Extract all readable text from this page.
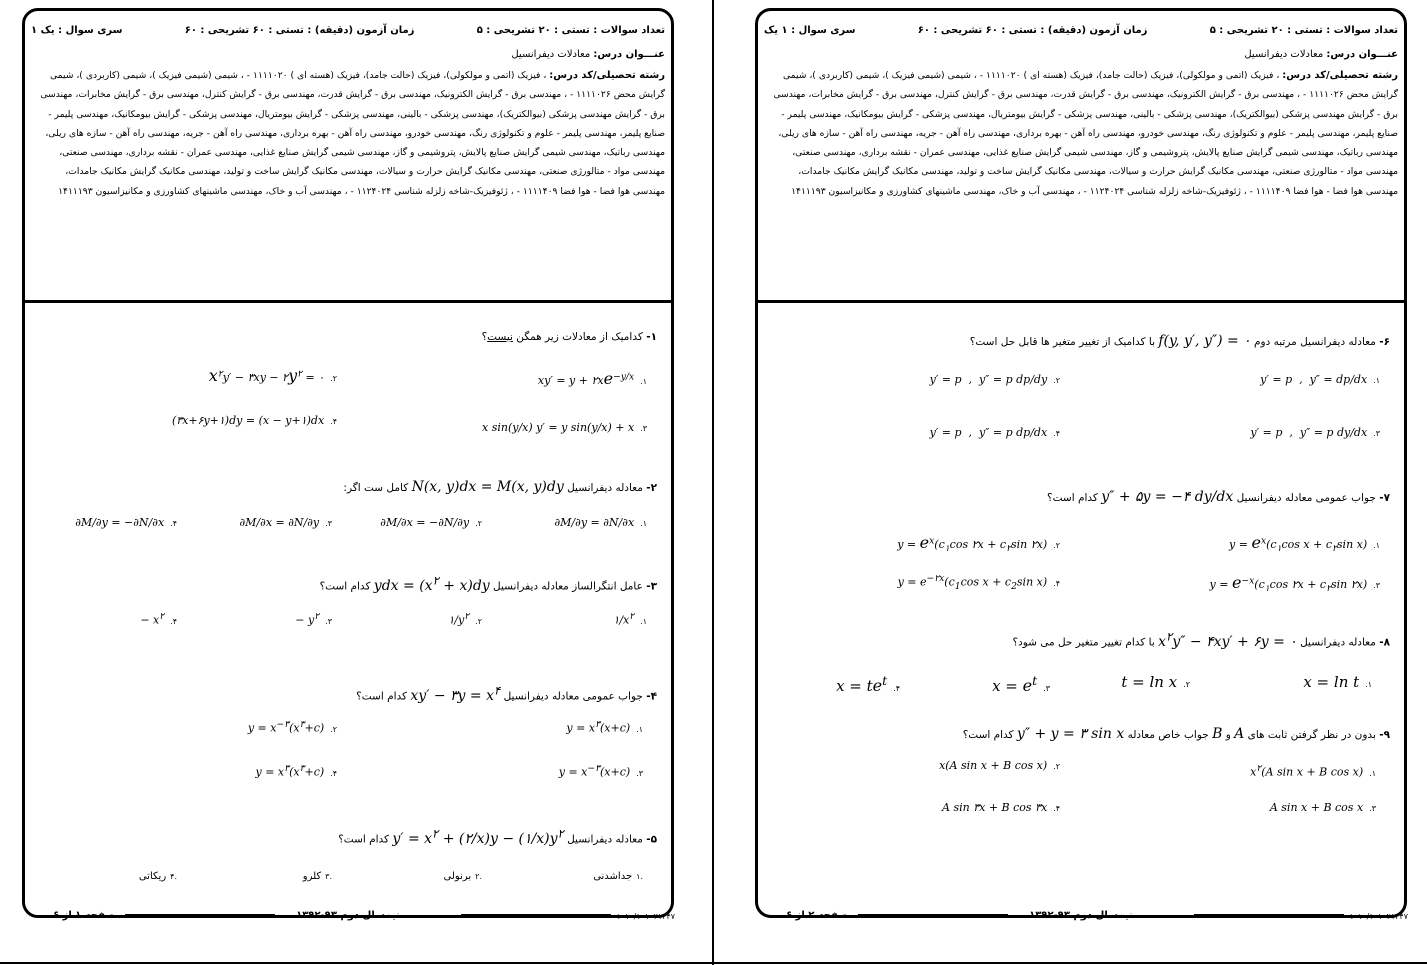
تعداد سوالات : تستی : ۲۰ تشریحی : ۵
زمان آزمون (دقیقه) : تستی : ۶۰ تشریحی : ۶۰
سری سوال : یک ۱
عنـــوان درس: معادلات دیفرانسیل
رشته تحصیلی/کد درس: ، فیزیک (اتمی و مولکولی)، فیزیک (حالت جامد)، فیزیک (هسته ای ) ۱۱۱۱۰۲۰ - ، شیمی (شیمی فیزیک )، شیمی (کاربردی )، شیمی گرایش محض ۱۱۱۱۰۲۶ - ، مهندسی برق - گرایش الکترونیک، مهندسی برق - گرایش قدرت، مهندسی برق - گرایش کنترل، مهندسی برق - گرایش مخابرات، مهندسی برق - گرایش مهندسی پزشکی (بیوالکتریک)، مهندسی پزشکی - بالینی، مهندسی پزشکی - گرایش بیومتریال، مهندسی پزشکی - گرایش بیومکانیک، مهندسی پلیمر - صنایع پلیمر، مهندسی پلیمر - علوم و تکنولوژی رنگ، مهندسی خودرو، مهندسی راه آهن - بهره برداری، مهندسی راه آهن - جریه، مهندسی راه آهن - سازه های ریلی، مهندسی رباتیک، مهندسی شیمی گرایش صنایع پالایش، پتروشیمی و گاز، مهندسی شیمی گرایش صنایع غذایی، مهندسی عمران - نقشه برداری، مهندسی صنعتی، مهندسی مواد - متالورژی صنعتی، مهندسی مکانیک گرایش حرارت و سیالات، مهندسی مکانیک گرایش ساخت و تولید، مهندسی مکانیک گرایش مکانیک جامدات، مهندسی هوا فضا - هوا فضا ۱۱۱۱۴۰۹ - ، ژئوفیزیک-شاخه زلزله شناسی ۱۱۲۴۰۲۴ - ، مهندسی آب و خاک، مهندسی ماشینهای کشاورزی و مکانیزاسیون ۱۴۱۱۱۹۳
۱- کدامیک از معادلات زیر همگن نیست؟
$xy' = y + ۲xe^{-y/x}$ .۱
$x^۲y'$ − ۳xy − $۲y^۲$ = ۰ .۲
x sin(y/x) y′ = y sin(y/x) + x .۳
(۳x+۶y+۱)dy = (x − y+۱)dx .۴
۲- معادله دیفرانسیل N(x, y)dx = M(x, y)dy کامل ست اگر:
∂M/∂y = ∂N/∂x .۱
∂M/∂x = −∂N/∂y .۲
∂M/∂x = ∂N/∂y .۳
∂M/∂y = −∂N/∂x .۴
۳- عامل انتگرالساز معادله دیفرانسیل ydx = $(x^۲ + x)dy$ کدام است؟
$۱/x^۲$ .۱
$۱/y^۲$ .۲
− $y^۲$ .۳
− $x^۲$ .۴
۴- جواب عمومی معادله دیفرانسیل xy′ − ۳y = $x^۴$ کدام است؟
$y = x^۳(x+c)$ .۱
$y = x^{-۳}(x^۳+c)$ .۲
$y = x^{-۳}(x+c)$ .۳
$y = x^۳(x^۳+c)$ .۴
۵- معادله دیفرانسیل $y' = x^۲$ + (۲/x)y − $(۱/x)y^۲$ کدام است؟
.۱جداشدنی
.۲برنولی
.۳کلرو
.۴ریکاتی
۱۰۱۰/۱۰۱۰۲۱۴۴۷
نیمسال دوم ۹۳-۱۳۹۲
صفحه ۱ از ۶
تعداد سوالات : تستی : ۲۰ تشریحی : ۵
زمان آزمون (دقیقه) : تستی : ۶۰ تشریحی : ۶۰
سری سوال : ۱ یک
عنـــوان درس: معادلات دیفرانسیل
رشته تحصیلی/کد درس: ، فیزیک (اتمی و مولکولی)، فیزیک (حالت جامد)، فیزیک (هسته ای ) ۱۱۱۱۰۲۰ - ، شیمی (شیمی فیزیک )، شیمی (کاربردی )، شیمی گرایش محض ۱۱۱۱۰۲۶ - ، مهندسی برق - گرایش الکترونیک، مهندسی برق - گرایش قدرت، مهندسی برق - گرایش کنترل، مهندسی برق - گرایش مخابرات، مهندسی برق - گرایش مهندسی پزشکی (بیوالکتریک)، مهندسی پزشکی - بالینی، مهندسی پزشکی - گرایش بیومتریال، مهندسی پزشکی - گرایش بیومکانیک، مهندسی پلیمر - صنایع پلیمر، مهندسی پلیمر - علوم و تکنولوژی رنگ، مهندسی خودرو، مهندسی راه آهن - بهره برداری، مهندسی راه آهن - جریه، مهندسی راه آهن - سازه های ریلی، مهندسی رباتیک، مهندسی شیمی گرایش صنایع پالایش، پتروشیمی و گاز، مهندسی شیمی گرایش صنایع غذایی، مهندسی عمران - نقشه برداری، مهندسی صنعتی، مهندسی مواد - متالورژی صنعتی، مهندسی مکانیک گرایش حرارت و سیالات، مهندسی مکانیک گرایش ساخت و تولید، مهندسی مکانیک گرایش مکانیک جامدات، مهندسی هوا فضا - هوا فضا ۱۱۱۱۴۰۹ - ، ژئوفیزیک-شاخه زلزله شناسی ۱۱۲۴۰۲۴ - ، مهندسی آب و خاک، مهندسی ماشینهای کشاورزی و مکانیزاسیون ۱۴۱۱۱۹۳
۶- معادله دیفرانسیل مرتبه دوم f(y, y′, y″) = ۰ با کدامیک از تغییر متغیر ها قابل حل است؟
y′ = p  ,  y″ = dp/dx .۱
y′ = p  ,  y″ = p dp/dy .۲
y′ = p  ,  y″ = p dy/dx .۳
y′ = p  ,  y″ = p dp/dx .۴
۷- جواب عمومی معادله دیفرانسیل y″ + ۵y = −۴ dy/dx کدام است؟
$y = e^x(c_۱\cos$ $x + c_۲\sin$ x) .۱
$y = e^x(c_۱\cos$ ۲x + $c_۲\sin$ ۲x) .۲
$y = e^{-x}(c_۱\cos$ ۲x + $c_۲\sin$ ۲x) .۳
$y = e^{-۲x}(c_1\cos$ $x + c_2\sin$ x) .۴
۸- معادله دیفرانسیل $x^۲y''$ − ۴xy′ + ۶y = ۰ با کدام تغییر متغیر حل می شود؟
x = ln t .۱
t = ln x .۲
$x = e^t.۳$
$x = te^t.۴$
۹- بدون در نظر گرفتن ثابت های A و B جواب خاص معادله y″ + y = ۳ sin x کدام است؟
$x^۲(A$ sin x + B cos x) .۱
x(A sin x + B cos x) .۲
A sin x + B cos x .۳
A sin ۳x + B cos ۳x .۴
۱۰۱۰/۱۰۱۰۲۱۴۴۷
نیمسال دوم ۹۳-۱۳۹۲
صفحه ۲ از ۶
